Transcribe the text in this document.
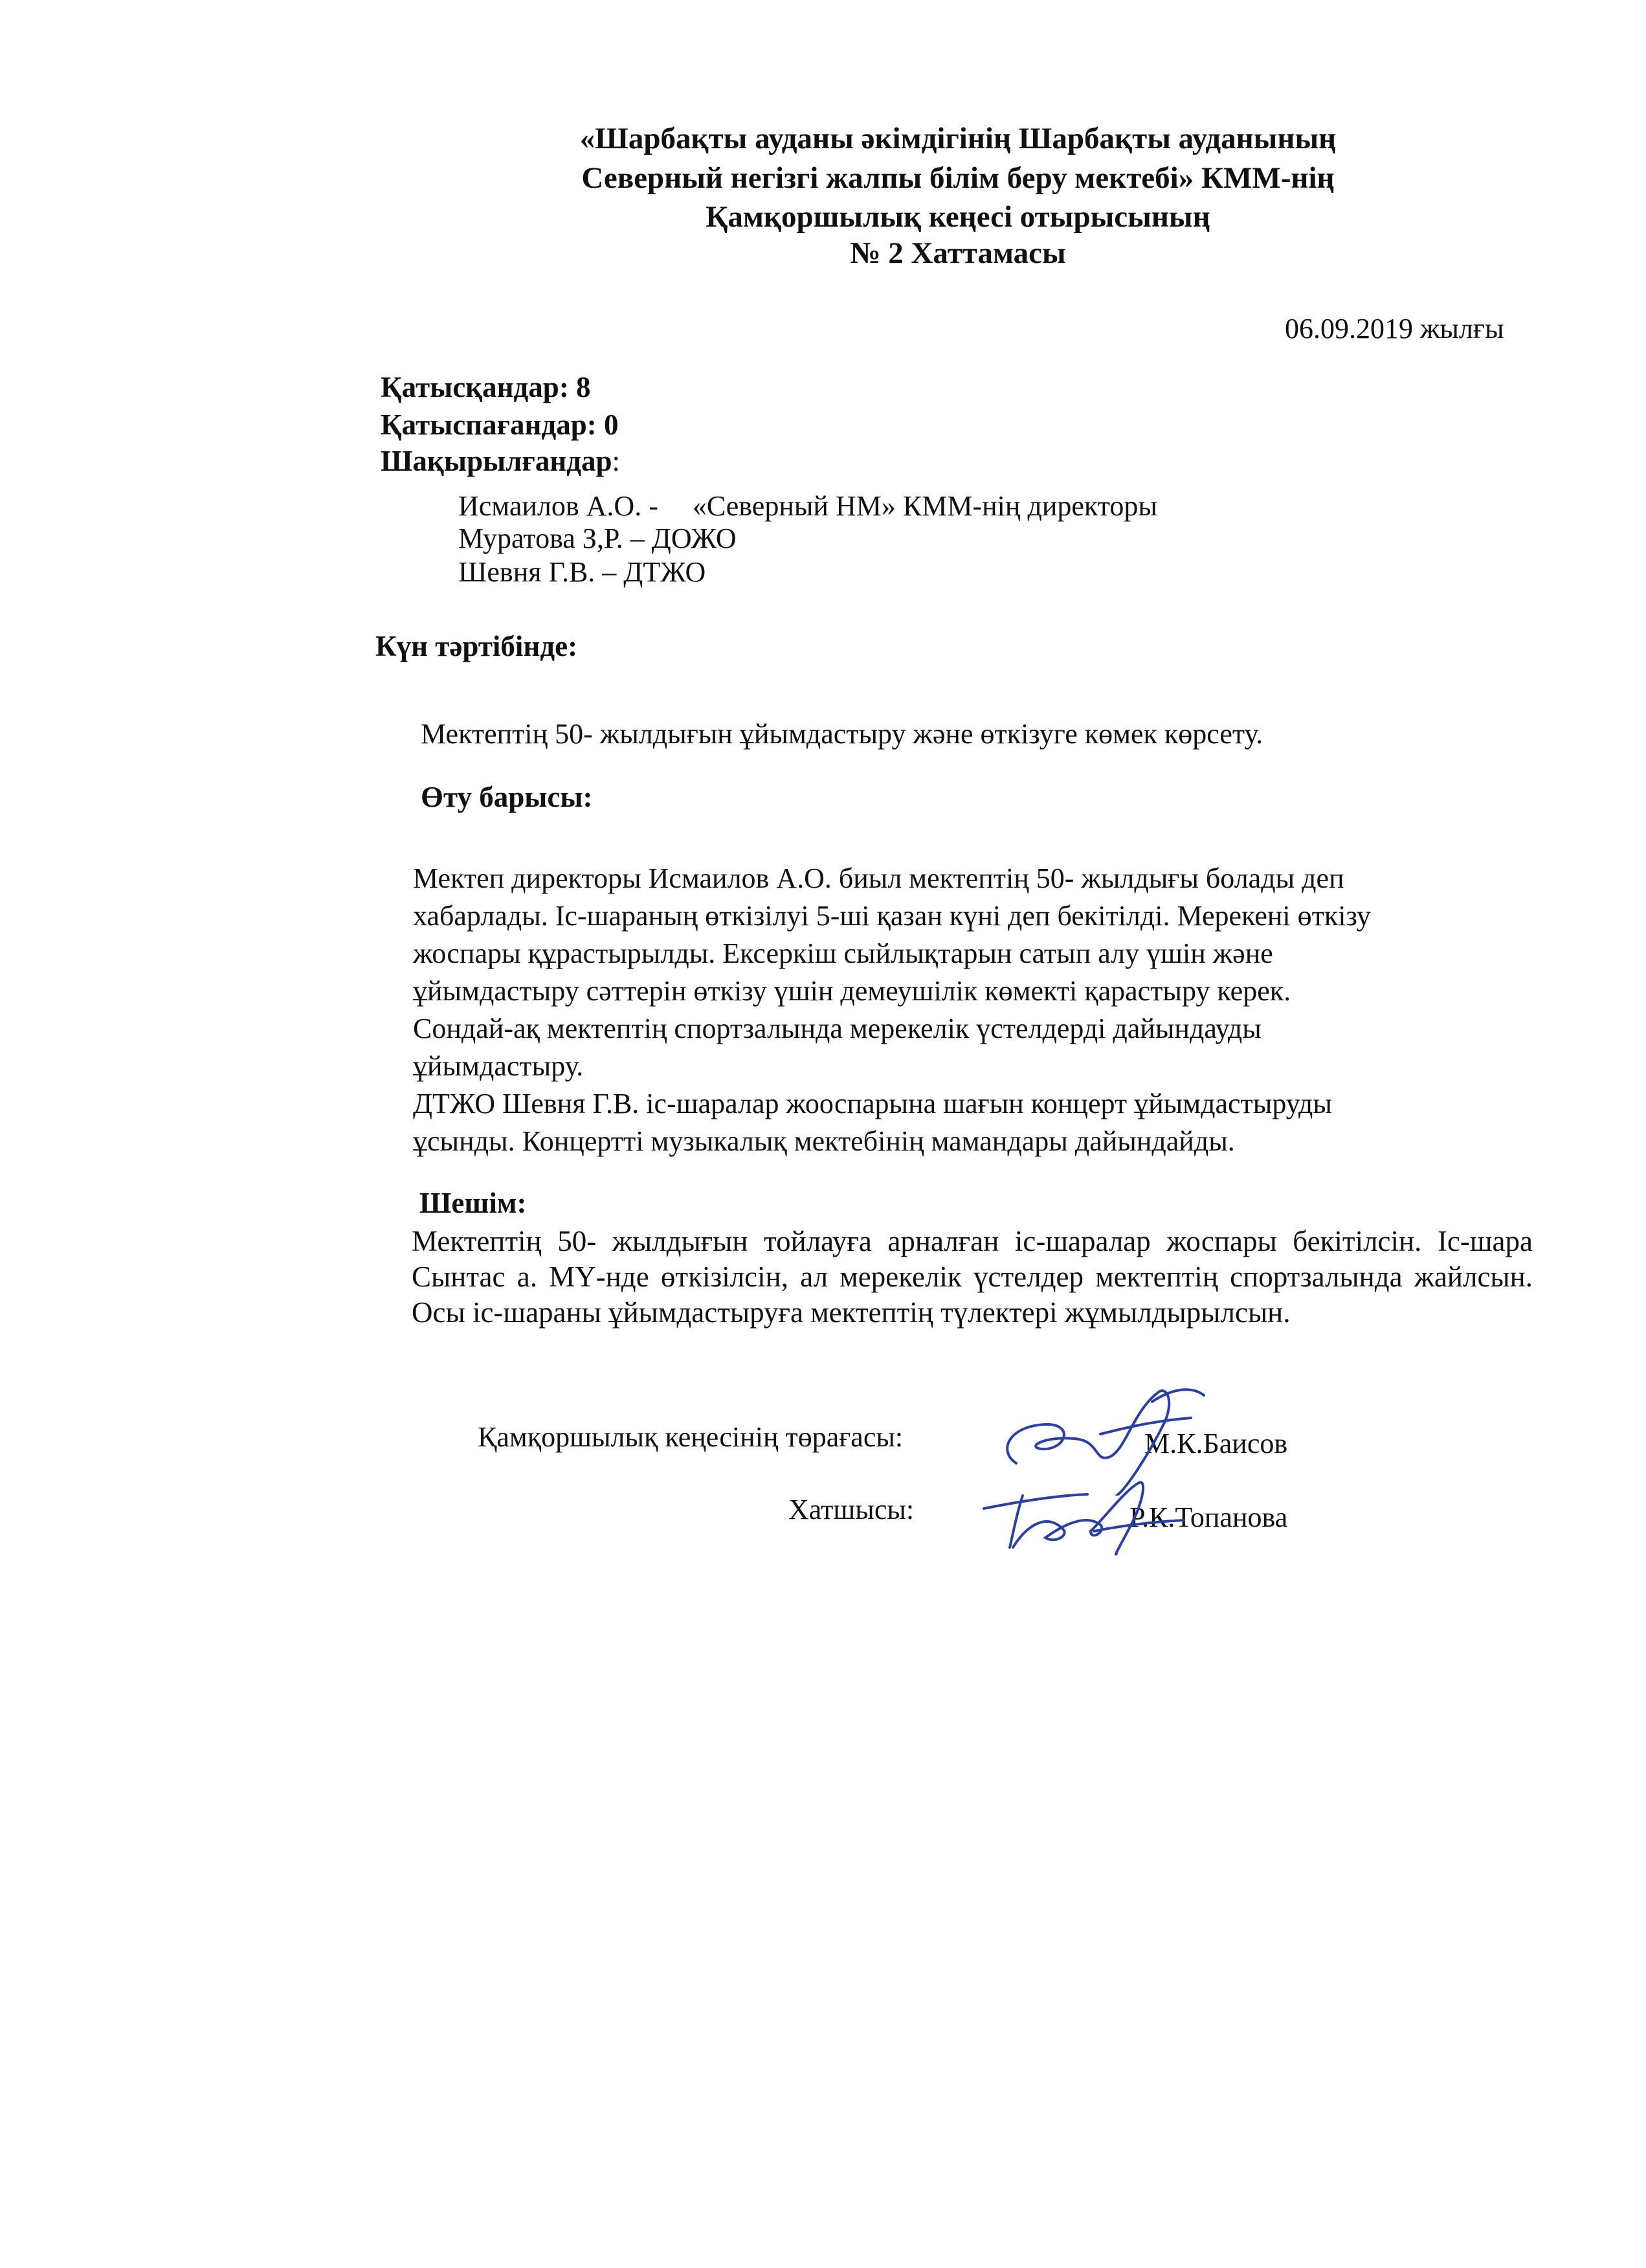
«Шарбақты ауданы әкімдігінің Шарбақты ауданының
Северный негізгі жалпы білім беру мектебі» КММ-нің
Қамқоршылық кеңесі отырысының
№ 2 Хаттамасы
06.09.2019 жылғы
Қатысқандар: 8
Қатыспағандар: 0
Шақырылғандар:
Исмаилов А.О. - «Северный НМ» КММ-нің директоры
Муратова З,Р. – ДОЖО
Шевня Г.В. – ДТЖО
Күн тәртібінде:
Мектептің 50- жылдығын ұйымдастыру және өткізуге көмек көрсету.
Өту барысы:
Мектеп директоры Исмаилов А.О. биыл мектептің 50- жылдығы болады деп
хабарлады. Іс-шараның өткізілуі 5-ші қазан күні деп бекітілді. Мерекені өткізу
жоспары құрастырылды. Ексеркіш сыйлықтарын сатып алу үшін және
ұйымдастыру сәттерін өткізу үшін демеушілік көмекті қарастыру керек.
Сондай-ақ мектептің спортзалында мерекелік үстелдерді дайындауды
ұйымдастыру.
ДТЖО Шевня Г.В. іс-шаралар жооспарына шағын концерт ұйымдастыруды
ұсынды. Концертті музыкалық мектебінің мамандары дайындайды.
Шешім:
Мектептің 50- жылдығын тойлауға арналған іс-шаралар жоспары бекітілсін. Іс-шара Сынтас а. МҮ-нде өткізілсін, ал мерекелік үстелдер мектептің спортзалында жайлсын. Осы іс-шараны ұйымдастыруға мектептің түлектері жұмылдырылсын.
Қамқоршылық кеңесінің төрағасы:	М.К.Баисов
Хатшысы:	Р.К.Топанова
